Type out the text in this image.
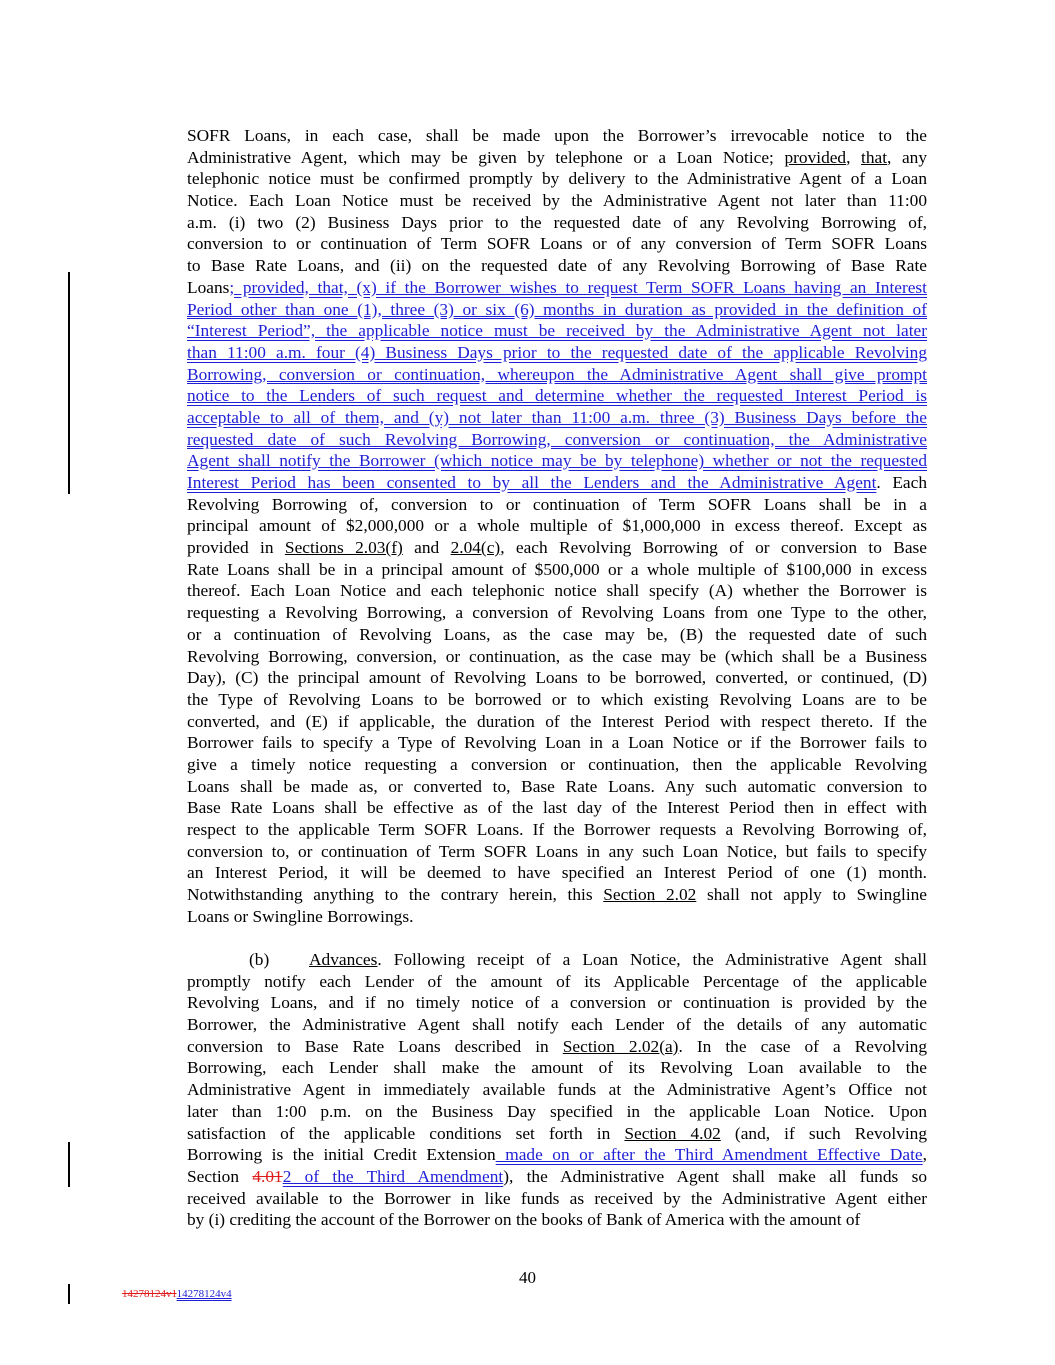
SOFR Loans, in each case, shall be made upon the Borrower’s irrevocable notice to the
Administrative Agent, which may be given by telephone or a Loan Notice; provided, that, any
telephonic notice must be confirmed promptly by delivery to the Administrative Agent of a Loan
Notice. Each Loan Notice must be received by the Administrative Agent not later than 11:00
a.m. (i) two (2) Business Days prior to the requested date of any Revolving Borrowing of,
conversion to or continuation of Term SOFR Loans or of any conversion of Term SOFR Loans
to Base Rate Loans, and (ii) on the requested date of any Revolving Borrowing of Base Rate
Loans; provided, that, (x) if the Borrower wishes to request Term SOFR Loans having an Interest
Period other than one (1), three (3) or six (6) months in duration as provided in the definition of
“Interest Period”, the applicable notice must be received by the Administrative Agent not later
than 11:00 a.m. four (4) Business Days prior to the requested date of the applicable Revolving
Borrowing, conversion or continuation, whereupon the Administrative Agent shall give prompt
notice to the Lenders of such request and determine whether the requested Interest Period is
acceptable to all of them, and (y) not later than 11:00 a.m. three (3) Business Days before the
requested date of such Revolving Borrowing, conversion or continuation, the Administrative
Agent shall notify the Borrower (which notice may be by telephone) whether or not the requested
Interest Period has been consented to by all the Lenders and the Administrative Agent. Each
Revolving Borrowing of, conversion to or continuation of Term SOFR Loans shall be in a
principal amount of $2,000,000 or a whole multiple of $1,000,000 in excess thereof. Except as
provided in Sections 2.03(f) and 2.04(c), each Revolving Borrowing of or conversion to Base
Rate Loans shall be in a principal amount of $500,000 or a whole multiple of $100,000 in excess
thereof. Each Loan Notice and each telephonic notice shall specify (A) whether the Borrower is
requesting a Revolving Borrowing, a conversion of Revolving Loans from one Type to the other,
or a continuation of Revolving Loans, as the case may be, (B) the requested date of such
Revolving Borrowing, conversion, or continuation, as the case may be (which shall be a Business
Day), (C) the principal amount of Revolving Loans to be borrowed, converted, or continued, (D)
the Type of Revolving Loans to be borrowed or to which existing Revolving Loans are to be
converted, and (E) if applicable, the duration of the Interest Period with respect thereto. If the
Borrower fails to specify a Type of Revolving Loan in a Loan Notice or if the Borrower fails to
give a timely notice requesting a conversion or continuation, then the applicable Revolving
Loans shall be made as, or converted to, Base Rate Loans. Any such automatic conversion to
Base Rate Loans shall be effective as of the last day of the Interest Period then in effect with
respect to the applicable Term SOFR Loans. If the Borrower requests a Revolving Borrowing of,
conversion to, or continuation of Term SOFR Loans in any such Loan Notice, but fails to specify
an Interest Period, it will be deemed to have specified an Interest Period of one (1) month.
Notwithstanding anything to the contrary herein, this Section 2.02 shall not apply to Swingline
Loans or Swingline Borrowings.
(b) Advances. Following receipt of a Loan Notice, the Administrative Agent shall
promptly notify each Lender of the amount of its Applicable Percentage of the applicable
Revolving Loans, and if no timely notice of a conversion or continuation is provided by the
Borrower, the Administrative Agent shall notify each Lender of the details of any automatic
conversion to Base Rate Loans described in Section 2.02(a). In the case of a Revolving
Borrowing, each Lender shall make the amount of its Revolving Loan available to the
Administrative Agent in immediately available funds at the Administrative Agent’s Office not
later than 1:00 p.m. on the Business Day specified in the applicable Loan Notice. Upon
satisfaction of the applicable conditions set forth in Section 4.02 (and, if such Revolving
Borrowing is the initial Credit Extension made on or after the Third Amendment Effective Date,
Section 4.012 of the Third Amendment), the Administrative Agent shall make all funds so
received available to the Borrower in like funds as received by the Administrative Agent either
by (i) crediting the account of the Borrower on the books of Bank of America with the amount of
40
14278124v114278124v4
